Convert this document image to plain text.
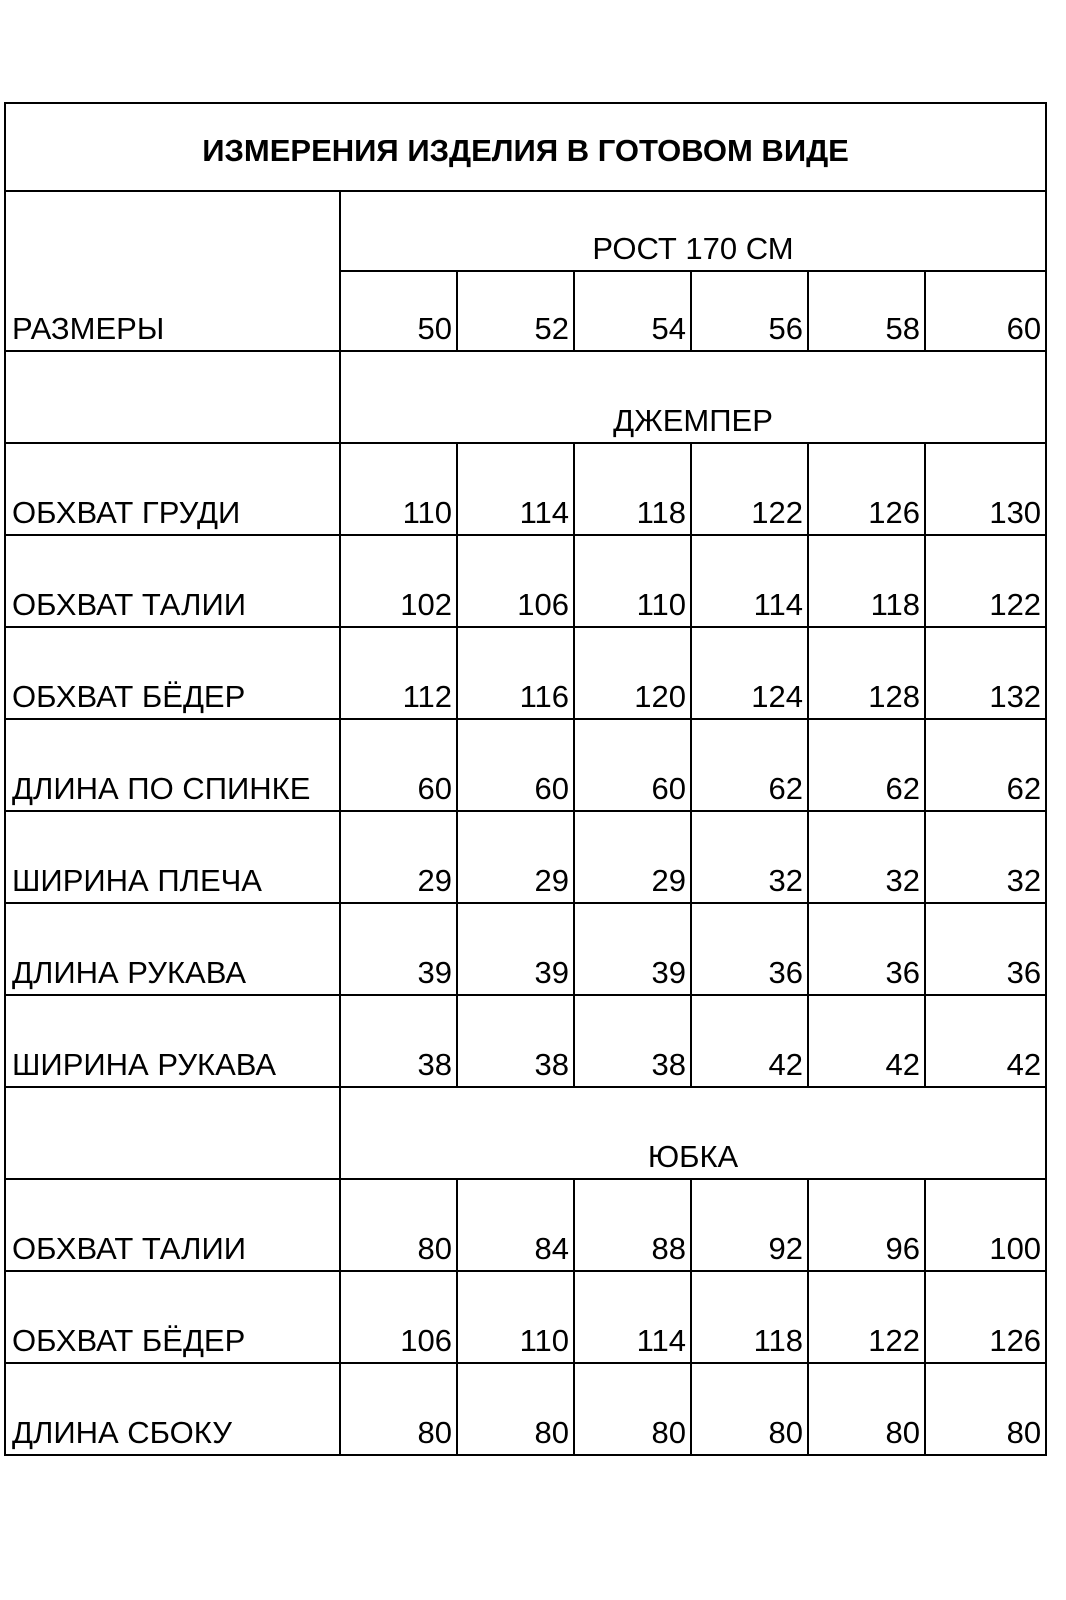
ИЗМЕРЕНИЯ ИЗДЕЛИЯ В ГОТОВОМ ВИДЕ						
РАЗМЕРЫ	РОСТ 170 СМ					
	50	52	54	56	58	60
	ДЖЕМПЕР					
ОБХВАТ ГРУДИ	110	114	118	122	126	130
ОБХВАТ ТАЛИИ	102	106	110	114	118	122
ОБХВАТ БЁДЕР	112	116	120	124	128	132
ДЛИНА ПО СПИНКЕ	60	60	60	62	62	62
ШИРИНА ПЛЕЧА	29	29	29	32	32	32
ДЛИНА РУКАВА	39	39	39	36	36	36
ШИРИНА РУКАВА	38	38	38	42	42	42
	ЮБКА					
ОБХВАТ ТАЛИИ	80	84	88	92	96	100
ОБХВАТ БЁДЕР	106	110	114	118	122	126
ДЛИНА СБОКУ	80	80	80	80	80	80
